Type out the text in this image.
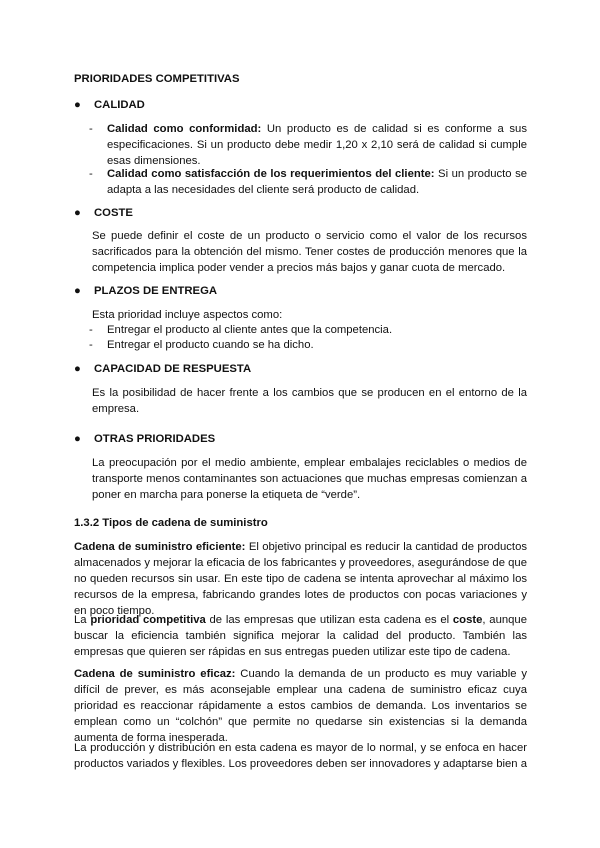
PRIORIDADES COMPETITIVAS
● CALIDAD
- Calidad como conformidad: Un producto es de calidad si es conforme a sus especificaciones. Si un producto debe medir 1,20 x 2,10 será de calidad si cumple esas dimensiones.
- Calidad como satisfacción de los requerimientos del cliente: Si un producto se adapta a las necesidades del cliente será producto de calidad.
● COSTE
Se puede definir el coste de un producto o servicio como el valor de los recursos sacrificados para la obtención del mismo. Tener costes de producción menores que la competencia implica poder vender a precios más bajos y ganar cuota de mercado.
● PLAZOS DE ENTREGA
Esta prioridad incluye aspectos como:
- Entregar el producto al cliente antes que la competencia.
- Entregar el producto cuando se ha dicho.
● CAPACIDAD DE RESPUESTA
Es la posibilidad de hacer frente a los cambios que se producen en el entorno de la empresa.
● OTRAS PRIORIDADES
La preocupación por el medio ambiente, emplear embalajes reciclables o medios de transporte menos contaminantes son actuaciones que muchas empresas comienzan a poner en marcha para ponerse la etiqueta de “verde”.
1.3.2 Tipos de cadena de suministro
Cadena de suministro eficiente: El objetivo principal es reducir la cantidad de productos almacenados y mejorar la eficacia de los fabricantes y proveedores, asegurándose de que no queden recursos sin usar. En este tipo de cadena se intenta aprovechar al máximo los recursos de la empresa, fabricando grandes lotes de productos con pocas variaciones y en poco tiempo.
La prioridad competitiva de las empresas que utilizan esta cadena es el coste, aunque buscar la eficiencia también significa mejorar la calidad del producto. También las empresas que quieren ser rápidas en sus entregas pueden utilizar este tipo de cadena.
Cadena de suministro eficaz: Cuando la demanda de un producto es muy variable y difícil de prever, es más aconsejable emplear una cadena de suministro eficaz cuya prioridad es reaccionar rápidamente a estos cambios de demanda. Los inventarios se emplean como un “colchón” que permite no quedarse sin existencias si la demanda aumenta de forma inesperada.
La producción y distribución en esta cadena es mayor de lo normal, y se enfoca en hacer productos variados y flexibles. Los proveedores deben ser innovadores y adaptarse bien a
